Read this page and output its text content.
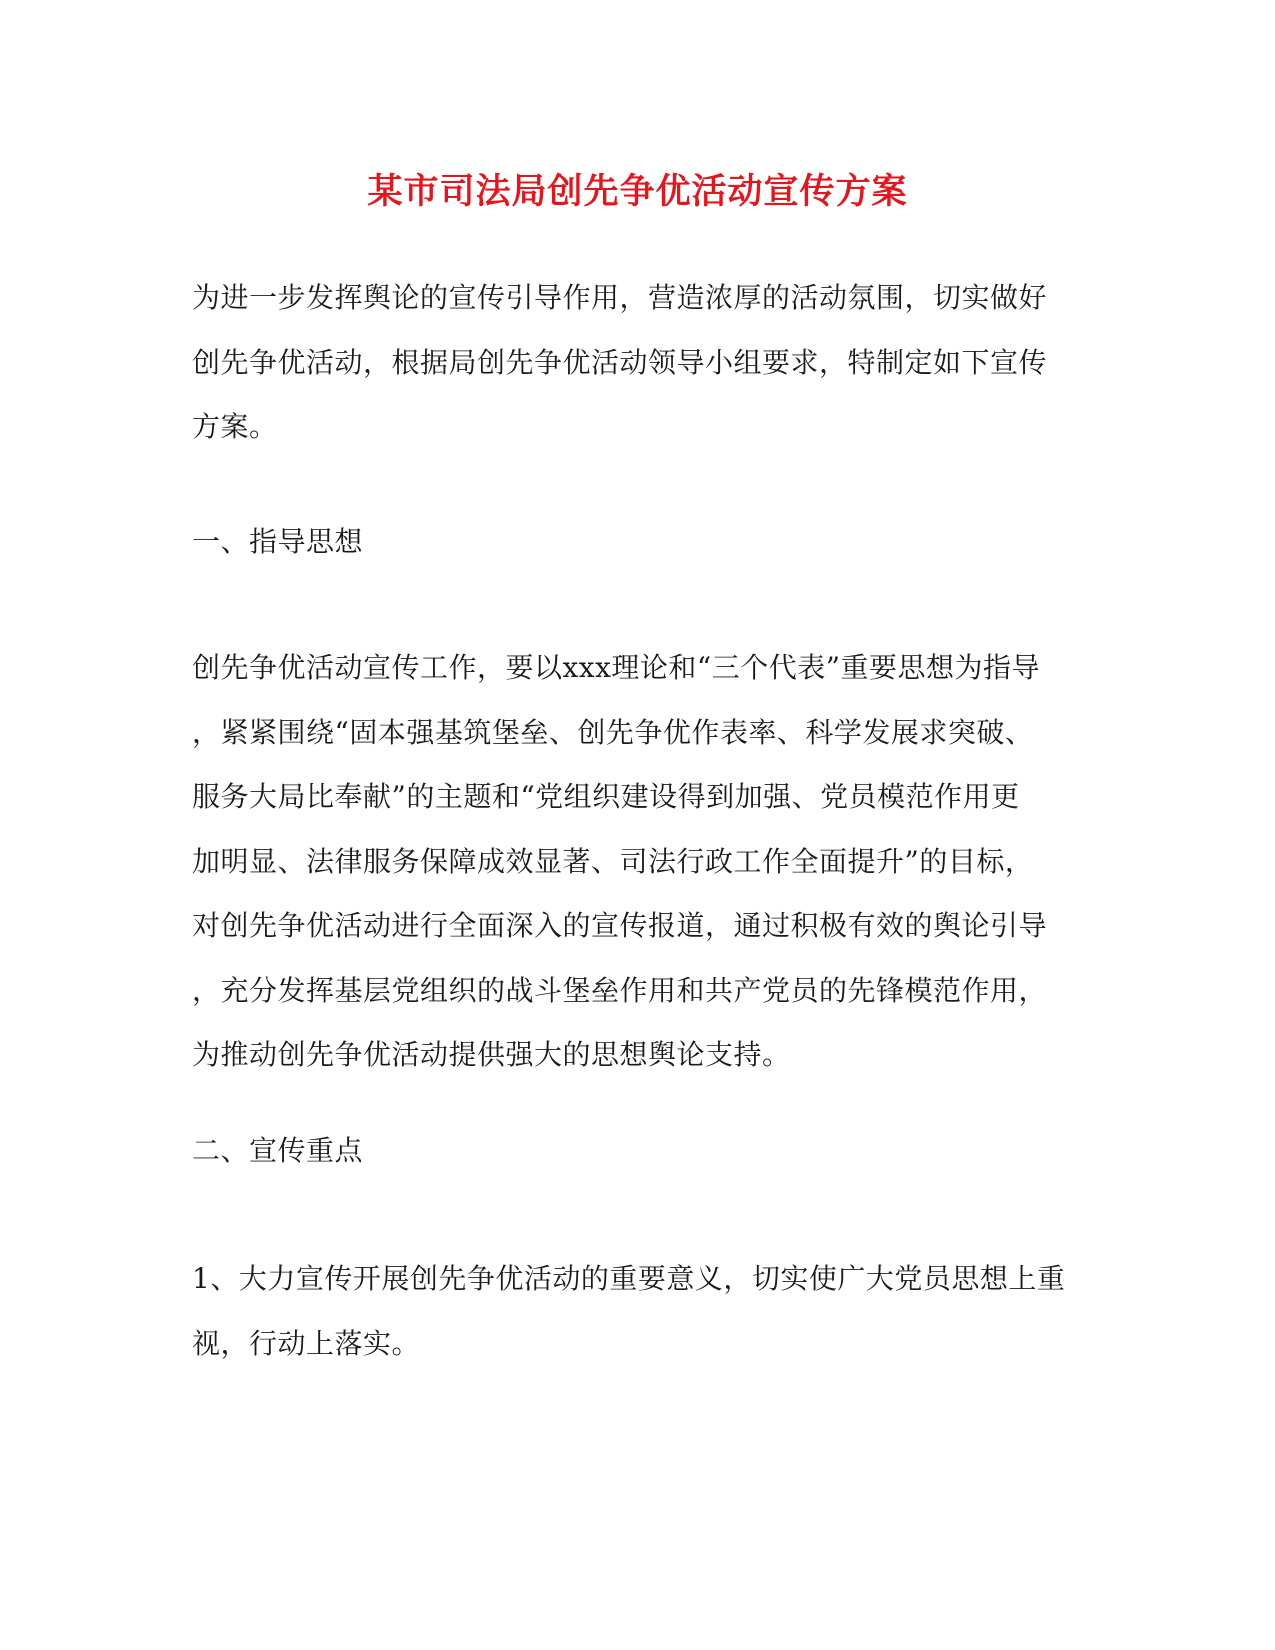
某市司法局创先争优活动宣传方案
为进一步发挥舆论的宣传引导作用，营造浓厚的活动氛围，切实做好
创先争优活动，根据局创先争优活动领导小组要求，特制定如下宣传
方案。
一、指导思想
创先争优活动宣传工作，要以xxx理论和“三个代表”重要思想为指导
，紧紧围绕“固本强基筑堡垒、创先争优作表率、科学发展求突破、
服务大局比奉献”的主题和“党组织建设得到加强、党员模范作用更
加明显、法律服务保障成效显著、司法行政工作全面提升”的目标，
对创先争优活动进行全面深入的宣传报道，通过积极有效的舆论引导
，充分发挥基层党组织的战斗堡垒作用和共产党员的先锋模范作用，
为推动创先争优活动提供强大的思想舆论支持。
二、宣传重点
1、大力宣传开展创先争优活动的重要意义，切实使广大党员思想上重
视，行动上落实。
